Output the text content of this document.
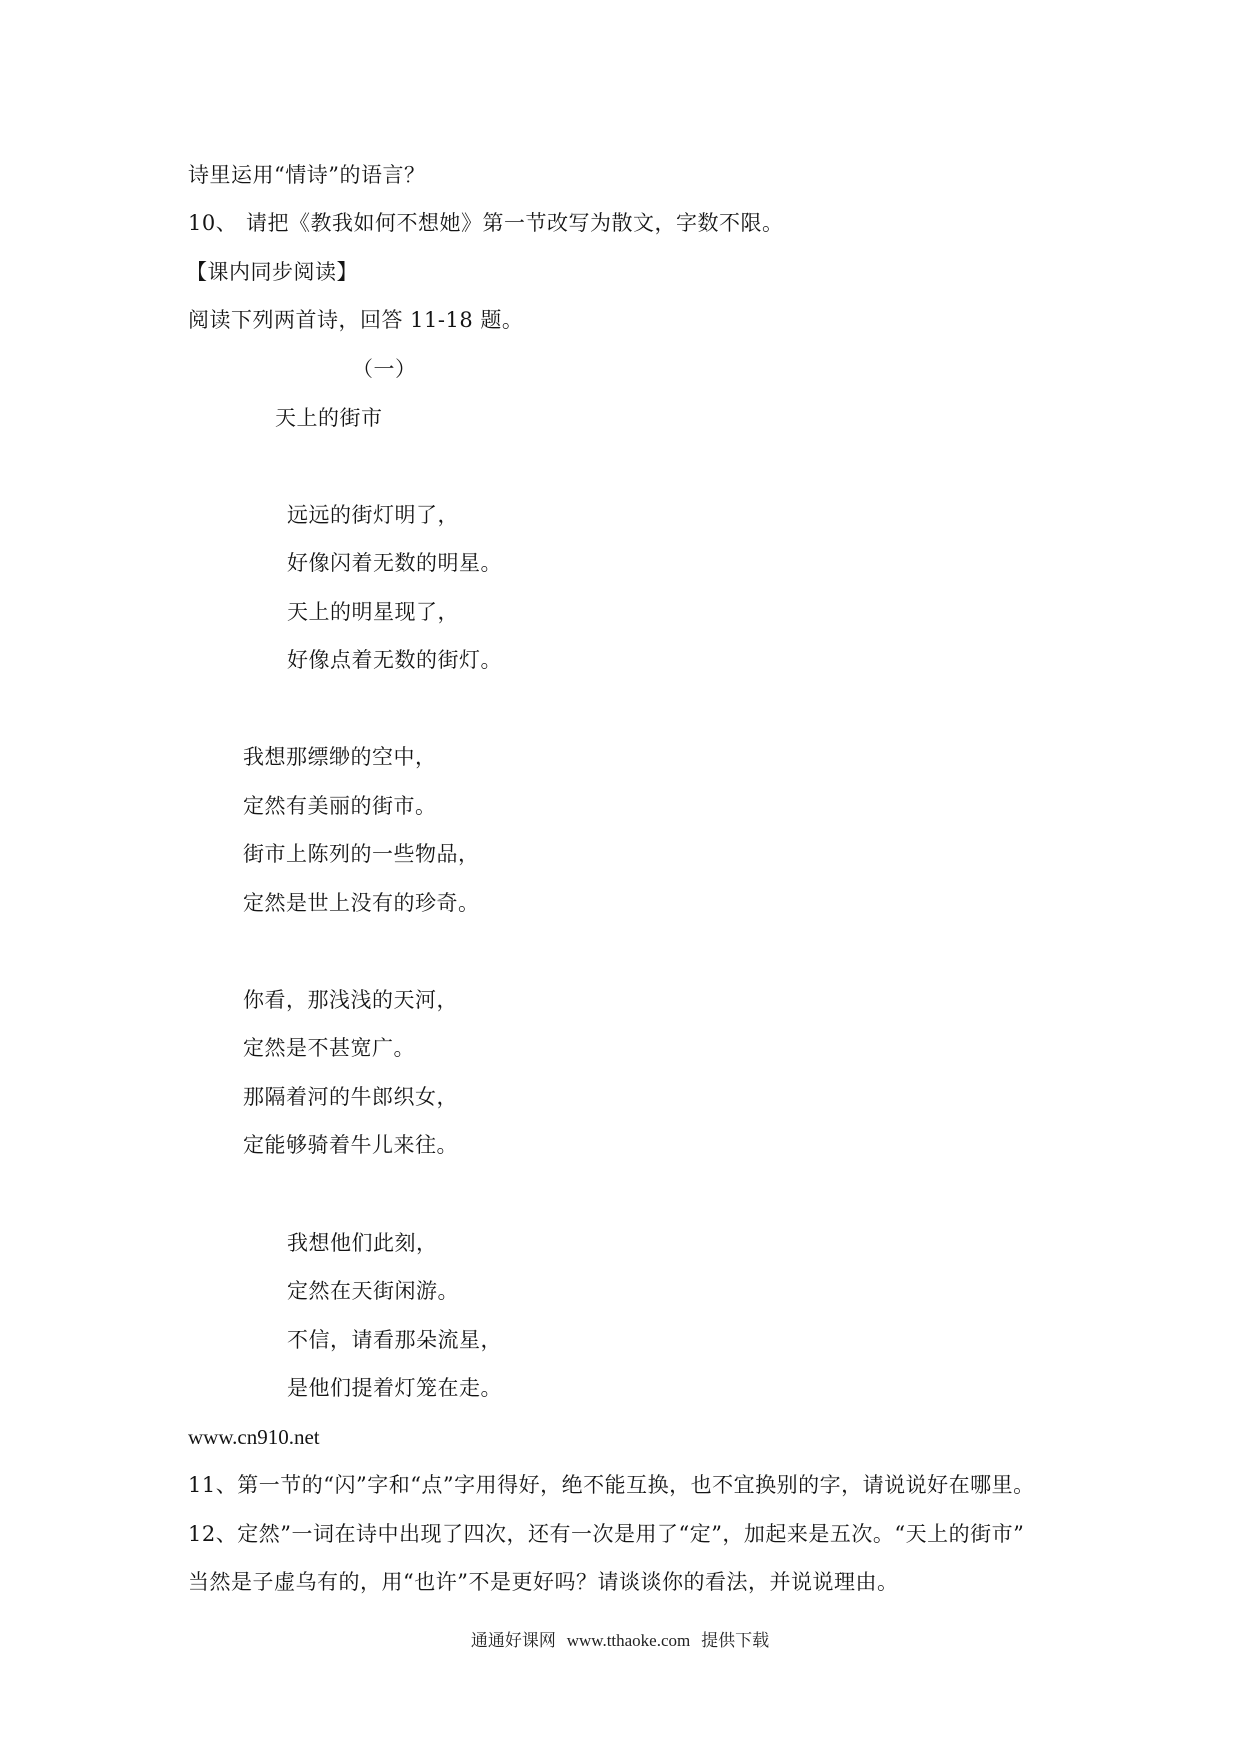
诗里运用“情诗”的语言？
10、 请把《教我如何不想她》第一节改写为散文，字数不限。
【课内同步阅读】
阅读下列两首诗，回答 11-18 题。
（一）
天上的街市
远远的街灯明了，
好像闪着无数的明星。
天上的明星现了，
好像点着无数的街灯。
我想那缥缈的空中，
定然有美丽的街市。
街市上陈列的一些物品，
定然是世上没有的珍奇。
你看，那浅浅的天河，
定然是不甚宽广。
那隔着河的牛郎织女，
定能够骑着牛儿来往。
我想他们此刻，
定然在天街闲游。
不信，请看那朵流星，
是他们提着灯笼在走。
www.cn910.net
11、第一节的“闪”字和“点”字用得好，绝不能互换，也不宜换别的字，请说说好在哪里。
12、定然”一词在诗中出现了四次，还有一次是用了“定”，加起来是五次。“天上的街市”
当然是子虚乌有的，用“也许”不是更好吗？请谈谈你的看法，并说说理由。
通通好课网 www.tthaoke.com 提供下载
